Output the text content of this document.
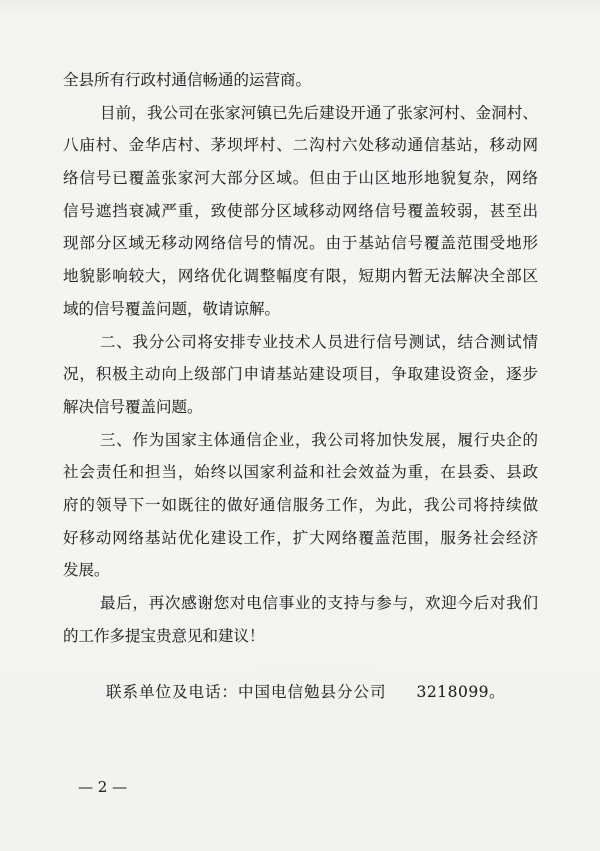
全县所有行政村通信畅通的运营商。
目前，我公司在张家河镇已先后建设开通了张家河村、金洞村、
八庙村、金华店村、茅坝坪村、二沟村六处移动通信基站，移动网
络信号已覆盖张家河大部分区域。但由于山区地形地貌复杂，网络
信号遮挡衰减严重，致使部分区域移动网络信号覆盖较弱，甚至出
现部分区域无移动网络信号的情况。由于基站信号覆盖范围受地形
地貌影响较大，网络优化调整幅度有限，短期内暂无法解决全部区
域的信号覆盖问题，敬请谅解。
二、我分公司将安排专业技术人员进行信号测试，结合测试情
况，积极主动向上级部门申请基站建设项目，争取建设资金，逐步
解决信号覆盖问题。
三、作为国家主体通信企业，我公司将加快发展，履行央企的
社会责任和担当，始终以国家利益和社会效益为重，在县委、县政
府的领导下一如既往的做好通信服务工作，为此，我公司将持续做
好移动网络基站优化建设工作，扩大网络覆盖范围，服务社会经济
发展。
最后，再次感谢您对电信事业的支持与参与，欢迎今后对我们
的工作多提宝贵意见和建议！
联系单位及电话：中国电信勉县分公司 3218099。
— 2 —
